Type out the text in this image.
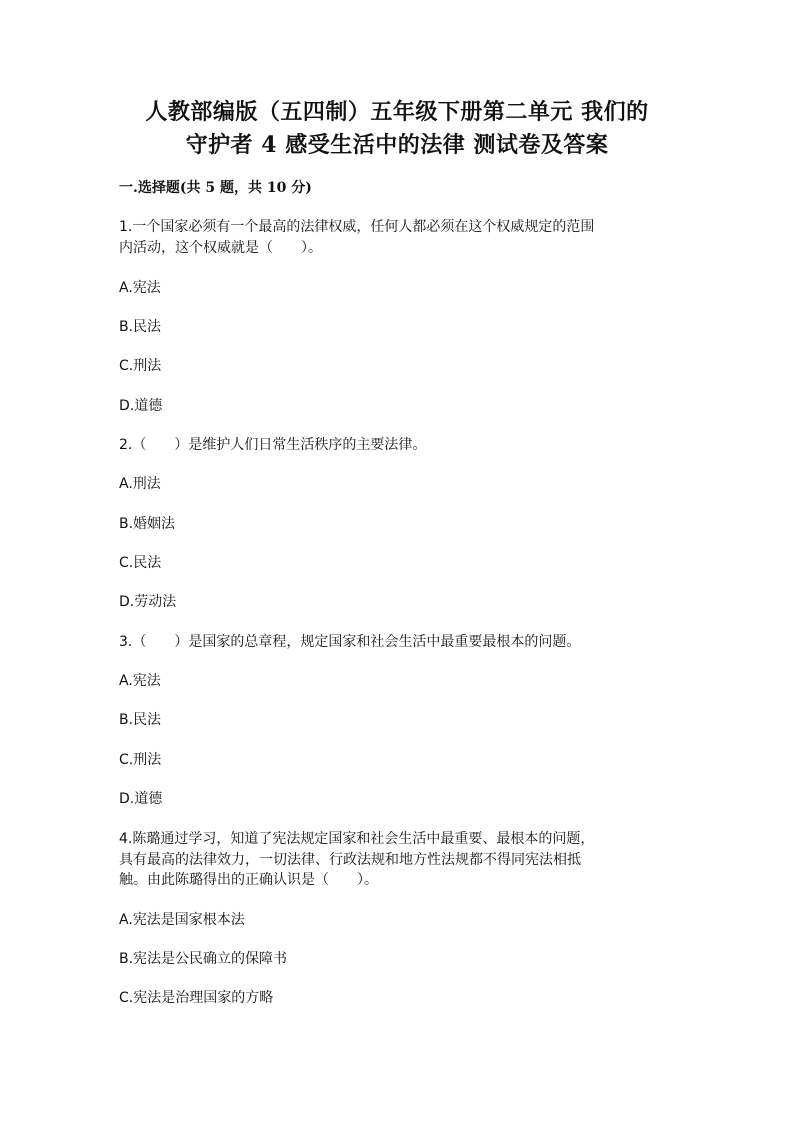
人教部编版（五四制）五年级下册第二单元 我们的
守护者 4 感受生活中的法律 测试卷及答案
一.选择题(共 5 题，共 10 分)
1.一个国家必须有一个最高的法律权威，任何人都必须在这个权威规定的范围
内活动，这个权威就是（　　）。
A.宪法
B.民法
C.刑法
D.道德
2.（　　）是维护人们日常生活秩序的主要法律。
A.刑法
B.婚姻法
C.民法
D.劳动法
3.（　　）是国家的总章程，规定国家和社会生活中最重要最根本的问题。
A.宪法
B.民法
C.刑法
D.道德
4.陈璐通过学习，知道了宪法规定国家和社会生活中最重要、最根本的问题，
具有最高的法律效力，一切法律、行政法规和地方性法规都不得同宪法相抵
触。由此陈璐得出的正确认识是（　　）。
A.宪法是国家根本法
B.宪法是公民确立的保障书
C.宪法是治理国家的方略
